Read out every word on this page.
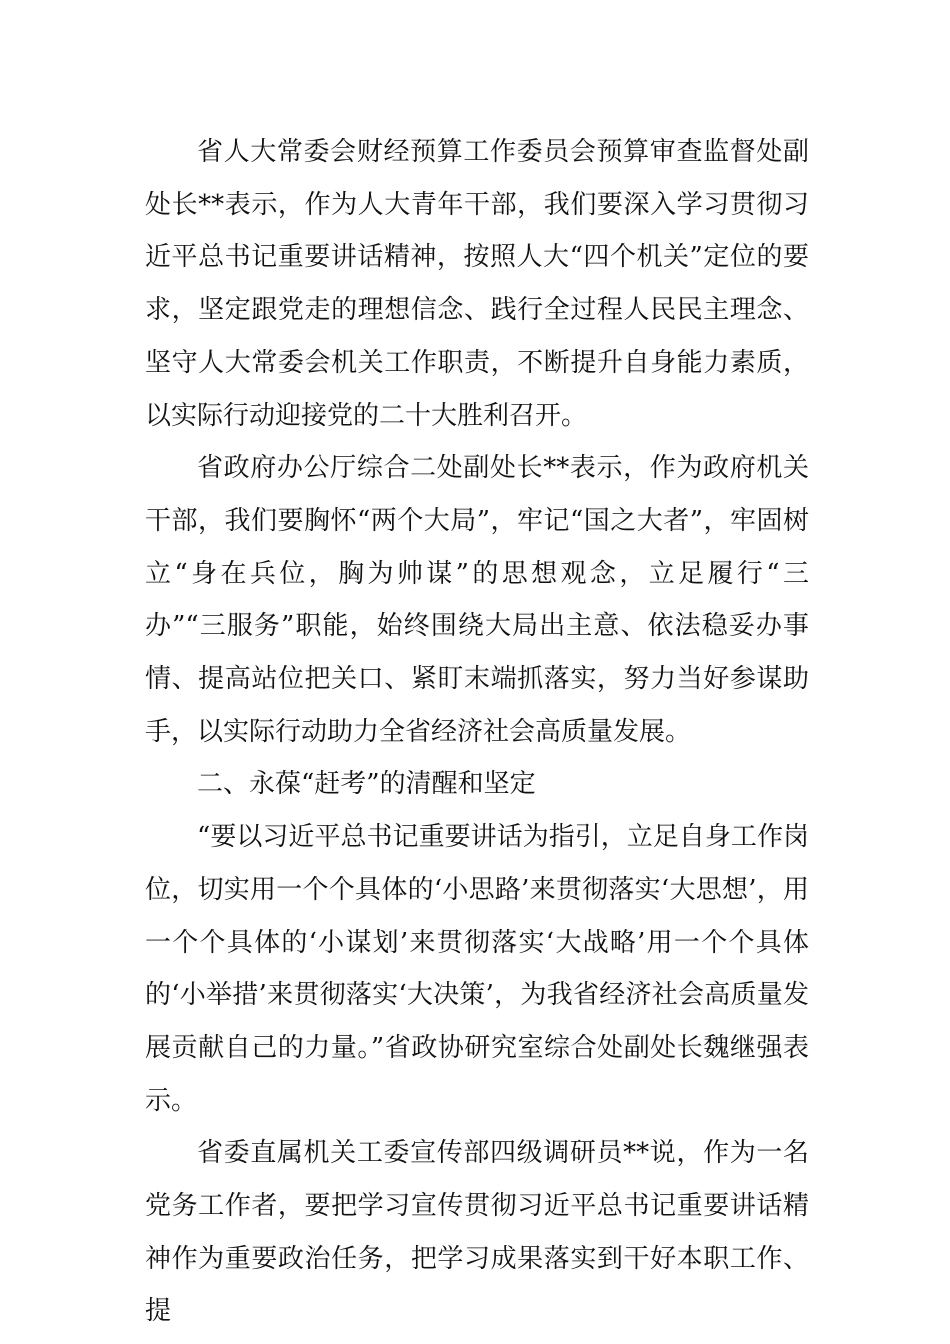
省人大常委会财经预算工作委员会预算审查监督处副处长**表示，作为人大青年干部，我们要深入学习贯彻习近平总书记重要讲话精神，按照人大“四个机关”定位的要求，坚定跟党走的理想信念、践行全过程人民民主理念、坚守人大常委会机关工作职责，不断提升自身能力素质，以实际行动迎接党的二十大胜利召开。

省政府办公厅综合二处副处长**表示，作为政府机关干部，我们要胸怀“两个大局”，牢记“国之大者”，牢固树立“身在兵位，胸为帅谋”的思想观念，立足履行“三办”“三服务”职能，始终围绕大局出主意、依法稳妥办事情、提高站位把关口、紧盯末端抓落实，努力当好参谋助手，以实际行动助力全省经济社会高质量发展。

二、永葆“赶考”的清醒和坚定

“要以习近平总书记重要讲话为指引，立足自身工作岗位，切实用一个个具体的‘小思路’来贯彻落实‘大思想’，用一个个具体的‘小谋划’来贯彻落实‘大战略’用一个个具体的‘小举措’来贯彻落实‘大决策’，为我省经济社会高质量发展贡献自己的力量。”省政协研究室综合处副处长魏继强表示。

省委直属机关工委宣传部四级调研员**说，作为一名党务工作者，要把学习宣传贯彻习近平总书记重要讲话精神作为重要政治任务，把学习成果落实到干好本职工作、提
